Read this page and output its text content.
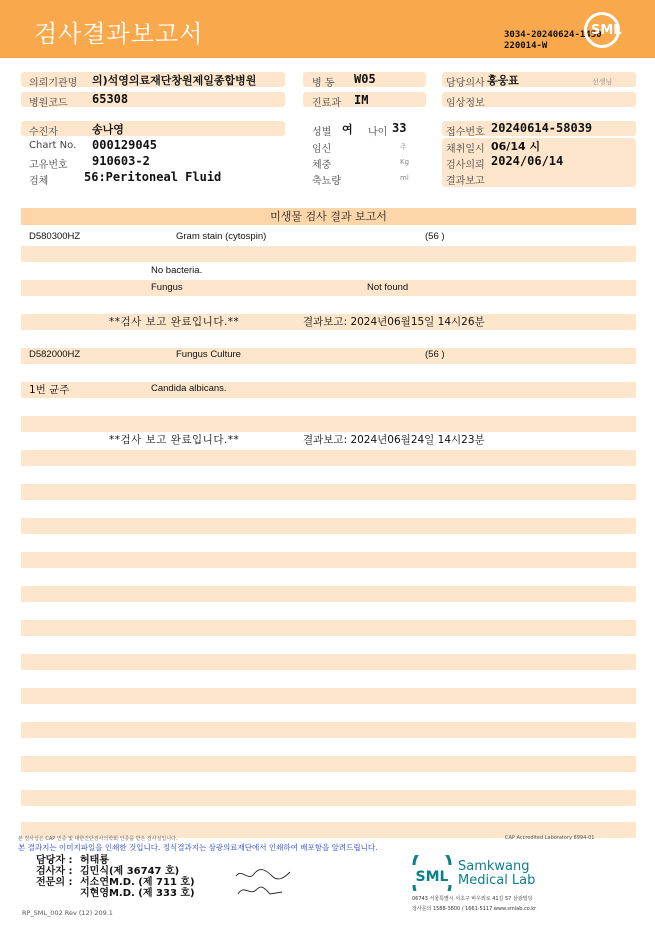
검사결과보고서	3034-20240624-1450
220014-W
SML
의뢰기관명 의)석영의료재단창원제일종합병원
병원코드 65308
병 동 W05
진료과 IM
담당의사 홍웅표	선생님
임상정보
수진자	송나영
Chart No. 000129045
고유번호 910603-2
검체	56:Peritoneal Fluid
성별 여 나이 33
임신	주
체중	Kg
축뇨량	ml
접수번호 20240614-58039
채취일시 06/14 시
검사의뢰 2024/06/14
결과보고
미생물 검사 결과 보고서
D580300HZ	Gram stain (cytospin)	(56 )
No bacteria.
Fungus	Not found
**검사 보고 완료입니다.**	결과보고: 2024년06월15일 14시26분
D582000HZ	Fungus Culture	(56 )
1번 균주	Candida albicans.
**검사 보고 완료입니다.**	결과보고: 2024년06월24일 14시23분
본 검사실은 CAP 인증 및 대한진단검사의학회 인증을 받은 검사실입니다.	CAP Accredited Laboratory 8994-01
본 결과지는 이미지파일을 인쇄한 것입니다. 정식결과지는 삼광의료재단에서 인쇄하여 배포함을 알려드립니다.
담당자 : 허태룡
검사자 : 김민식(제 36747 호)
전문의 : 서소연M.D. (제 711 호)
지현영M.D. (제 333 호)
SML
Samkwang
Medical Lab
06743 서울특별시 서초구 바우뫼로 41길 57 삼광빌딩
검사문의 1588-3800 / 1661-5117 www.smlab.co.kr
RP_SML_002 Rev (12) 209.1
